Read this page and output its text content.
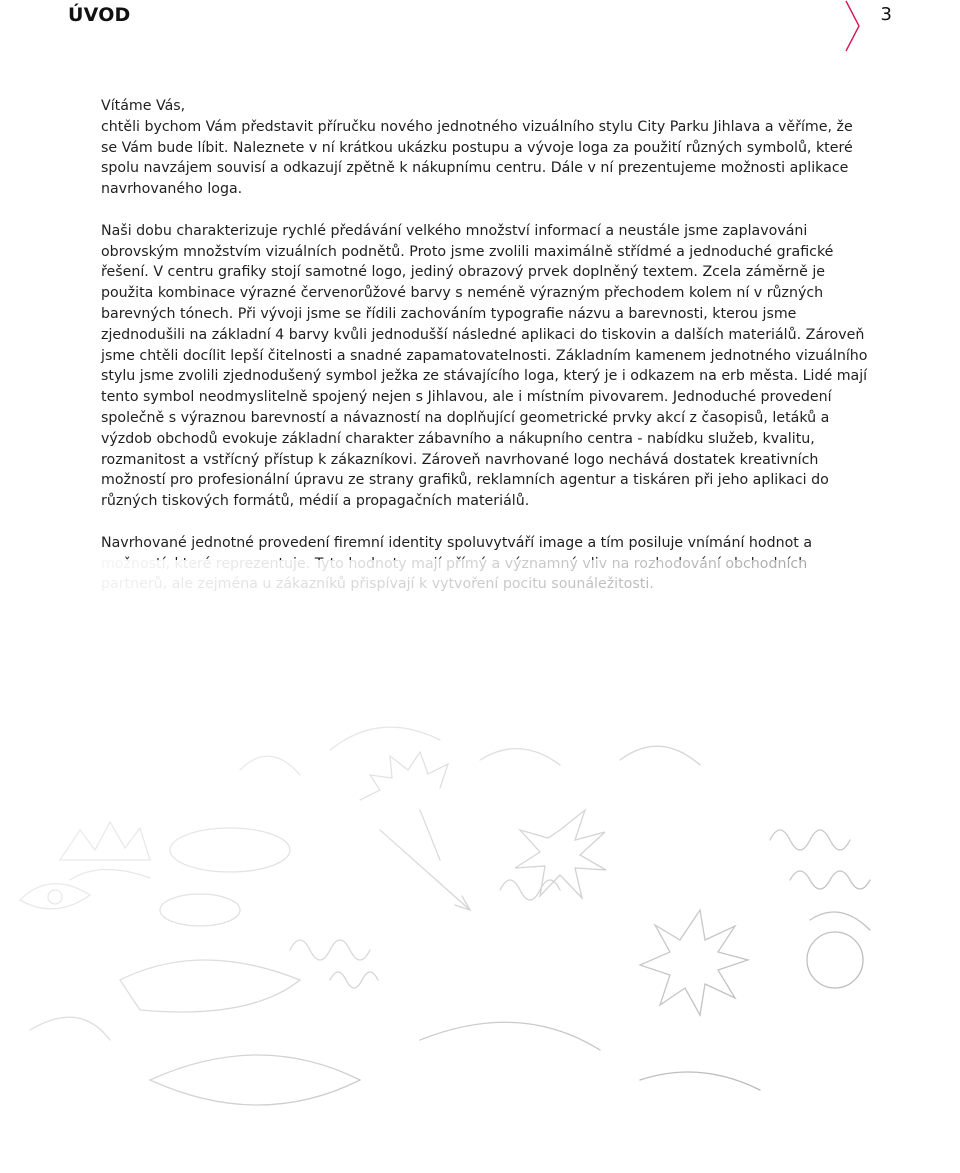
ÚVOD	3

Vítáme Vás,
chtěli bychom Vám představit příručku nového jednotného vizuálního stylu City Parku Jihlava a věříme, že se Vám bude líbit. Naleznete v ní krátkou ukázku postupu a vývoje loga za použití různých symbolů, které spolu navzájem souvisí a odkazují zpětně k nákupnímu centru. Dále v ní prezentujeme možnosti aplikace navrhovaného loga.

Naši dobu charakterizuje rychlé předávání velkého množství informací a neustále jsme zaplavováni obrovským množstvím vizuálních podnětů. Proto jsme zvolili maximálně střídmé a jednoduché grafické řešení. V centru grafiky stojí samotné logo, jediný obrazový prvek doplněný textem. Zcela záměrně je použita kombinace výrazné červenorůžové barvy s neméně výrazným přechodem kolem ní v různých barevných tónech. Při vývoji jsme se řídili zachováním typografie názvu a barevnosti, kterou jsme zjednodušili na základní 4 barvy kvůli jednodušší následné aplikaci do tiskovin a dalších materiálů. Zároveň jsme chtěli docílit lepší čitelnosti a snadné zapamatovatelnosti. Základním kamenem jednotného vizuálního stylu jsme zvolili zjednodušený symbol ježka ze stávajícího loga, který je i odkazem na erb města. Lidé mají tento symbol neodmyslitelně spojený nejen s Jihlavou, ale i místním pivovarem. Jednoduché provedení společně s výraznou barevností a návazností na doplňující geometrické prvky akcí z časopisů, letáků a výzdob obchodů evokuje základní charakter zábavního a nákupního centra - nabídku služeb, kvalitu, rozmanitost a vstřícný přístup k zákazníkovi. Zároveň navrhované logo nechává dostatek kreativních možností pro profesionální úpravu ze strany grafiků, reklamních agentur a tiskáren při jeho aplikaci do různých tiskových formátů, médií a propagačních materiálů.

Navrhované jednotné provedení firemní identity spoluvytváří image a tím posiluje vnímání hodnot a
